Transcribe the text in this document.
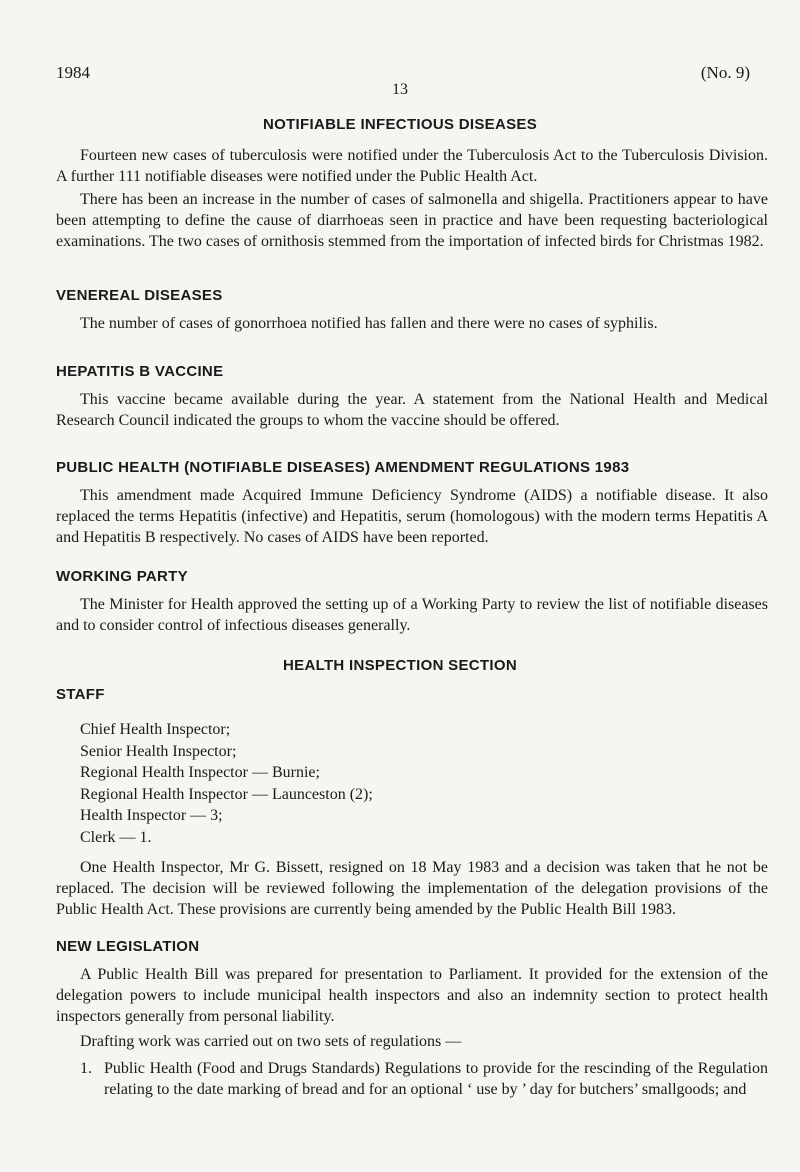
1984	(No. 9)
13
NOTIFIABLE INFECTIOUS DISEASES
Fourteen new cases of tuberculosis were notified under the Tuberculosis Act to the Tuberculosis Division. A further 111 notifiable diseases were notified under the Public Health Act.
There has been an increase in the number of cases of salmonella and shigella. Practitioners appear to have been attempting to define the cause of diarrhoeas seen in practice and have been requesting bacteriological examinations. The two cases of ornithosis stemmed from the importation of infected birds for Christmas 1982.
VENEREAL DISEASES
The number of cases of gonorrhoea notified has fallen and there were no cases of syphilis.
HEPATITIS B VACCINE
This vaccine became available during the year. A statement from the National Health and Medical Research Council indicated the groups to whom the vaccine should be offered.
PUBLIC HEALTH (NOTIFIABLE DISEASES) AMENDMENT REGULATIONS 1983
This amendment made Acquired Immune Deficiency Syndrome (AIDS) a notifiable disease. It also replaced the terms Hepatitis (infective) and Hepatitis, serum (homologous) with the modern terms Hepatitis A and Hepatitis B respectively. No cases of AIDS have been reported.
WORKING PARTY
The Minister for Health approved the setting up of a Working Party to review the list of notifiable diseases and to consider control of infectious diseases generally.
HEALTH INSPECTION SECTION
STAFF
Chief Health Inspector;
Senior Health Inspector;
Regional Health Inspector — Burnie;
Regional Health Inspector — Launceston (2);
Health Inspector — 3;
Clerk — 1.
One Health Inspector, Mr G. Bissett, resigned on 18 May 1983 and a decision was taken that he not be replaced. The decision will be reviewed following the implementation of the delegation provisions of the Public Health Act. These provisions are currently being amended by the Public Health Bill 1983.
NEW LEGISLATION
A Public Health Bill was prepared for presentation to Parliament. It provided for the extension of the delegation powers to include municipal health inspectors and also an indemnity section to protect health inspectors generally from personal liability.
Drafting work was carried out on two sets of regulations —
1. Public Health (Food and Drugs Standards) Regulations to provide for the rescinding of the Regulation relating to the date marking of bread and for an optional ‘ use by ’ day for butchers’ smallgoods; and
